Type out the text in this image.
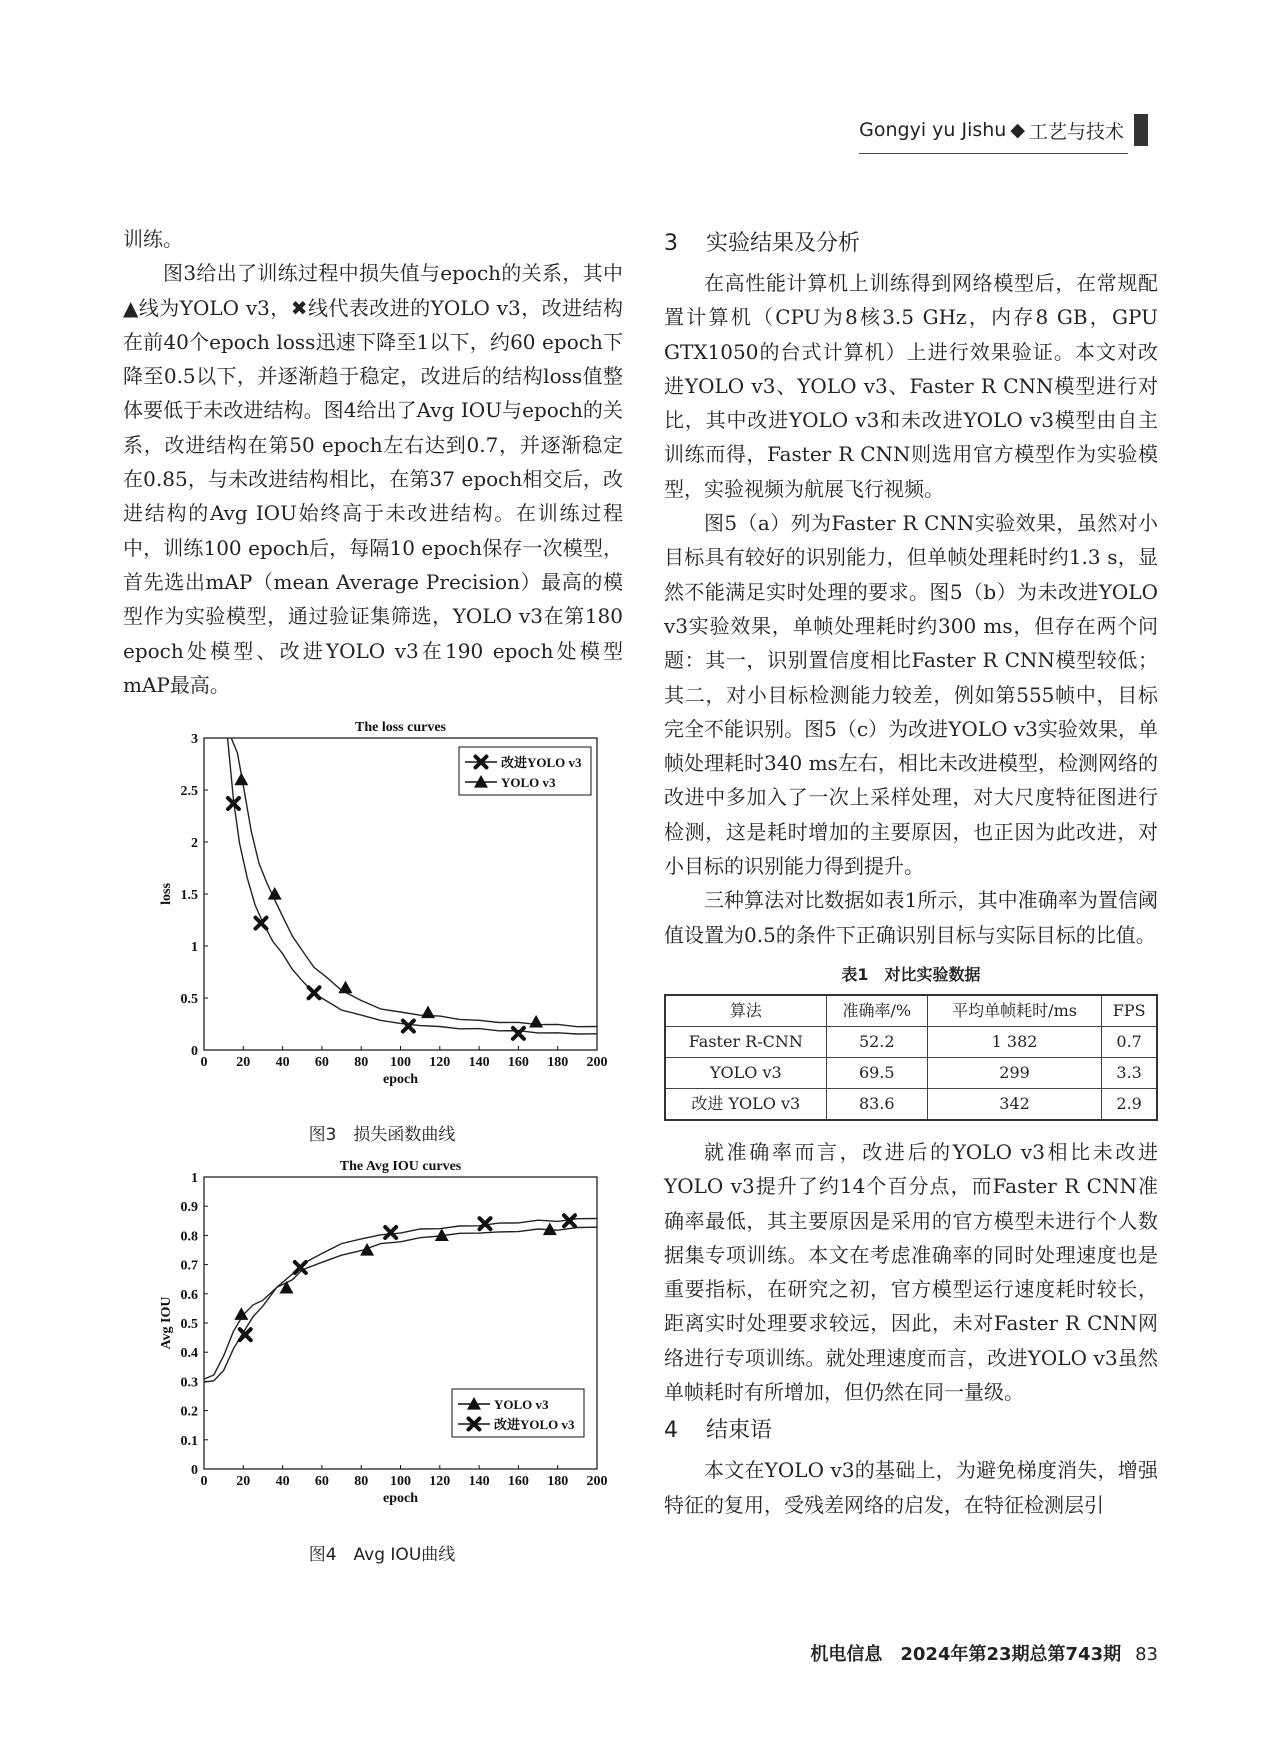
Gongyi yu Jishu ◆ 工艺与技术

训练。

图3给出了训练过程中损失值与epoch的关系，其中▲线为YOLO v3，✖线代表改进的YOLO v3，改进结构在前40个epoch loss迅速下降至1以下，约60 epoch下降至0.5以下，并逐渐趋于稳定，改进后的结构loss值整体要低于未改进结构。图4给出了Avg IOU与epoch的关系，改进结构在第50 epoch左右达到0.7，并逐渐稳定在0.85，与未改进结构相比，在第37 epoch相交后，改进结构的Avg IOU始终高于未改进结构。在训练过程中，训练100 epoch后，每隔10 epoch保存一次模型，首先选出mAP（mean Average Precision）最高的模型作为实验模型，通过验证集筛选，YOLO v3在第180 epoch处模型、改进YOLO v3在190 epoch处模型mAP最高。

The loss curves
0 20 40 60 80 100 120 140 160 180 200
0
0.5
1
1.5
2
2.5
3
epoch
loss
改进YOLO v3
YOLO v3
图3　损失函数曲线
The Avg IOU curves
0 20 40 60 80 100 120 140 160 180 200
0
0.1
0.2
0.3
0.4
0.5
0.6
0.7
0.8
0.9
1
epoch
Avg IOU
YOLO v3
改进YOLO v3
图4　Avg IOU曲线

3 实验结果及分析

在高性能计算机上训练得到网络模型后，在常规配置计算机（CPU为8核3.5 GHz，内存8 GB，GPU GTX1050的台式计算机）上进行效果验证。本文对改进YOLO v3、YOLO v3、Faster R CNN模型进行对比，其中改进YOLO v3和未改进YOLO v3模型由自主训练而得，Faster R CNN则选用官方模型作为实验模型，实验视频为航展飞行视频。

图5（a）列为Faster R CNN实验效果，虽然对小目标具有较好的识别能力，但单帧处理耗时约1.3 s，显然不能满足实时处理的要求。图5（b）为未改进YOLO v3实验效果，单帧处理耗时约300 ms，但存在两个问题：其一，识别置信度相比Faster R CNN模型较低；其二，对小目标检测能力较差，例如第555帧中，目标完全不能识别。图5（c）为改进YOLO v3实验效果，单帧处理耗时340 ms左右，相比未改进模型，检测网络的改进中多加入了一次上采样处理，对大尺度特征图进行检测，这是耗时增加的主要原因，也正因为此改进，对小目标的识别能力得到提升。

三种算法对比数据如表1所示，其中准确率为置信阈值设置为0.5的条件下正确识别目标与实际目标的比值。

表1　对比实验数据
算法	准确率/%	平均单帧耗时/ms	FPS
Faster R-CNN	52.2	1 382	0.7
YOLO v3	69.5	299	3.3
改进 YOLO v3	83.6	342	2.9

就准确率而言，改进后的YOLO v3相比未改进YOLO v3提升了约14个百分点，而Faster R CNN准确率最低，其主要原因是采用的官方模型未进行个人数据集专项训练。本文在考虑准确率的同时处理速度也是重要指标，在研究之初，官方模型运行速度耗时较长，距离实时处理要求较远，因此，未对Faster R CNN网络进行专项训练。就处理速度而言，改进YOLO v3虽然单帧耗时有所增加，但仍然在同一量级。

4 结束语

本文在YOLO v3的基础上，为避免梯度消失，增强特征的复用，受残差网络的启发，在特征检测层引

机电信息　2024年第23期总第743期 83
